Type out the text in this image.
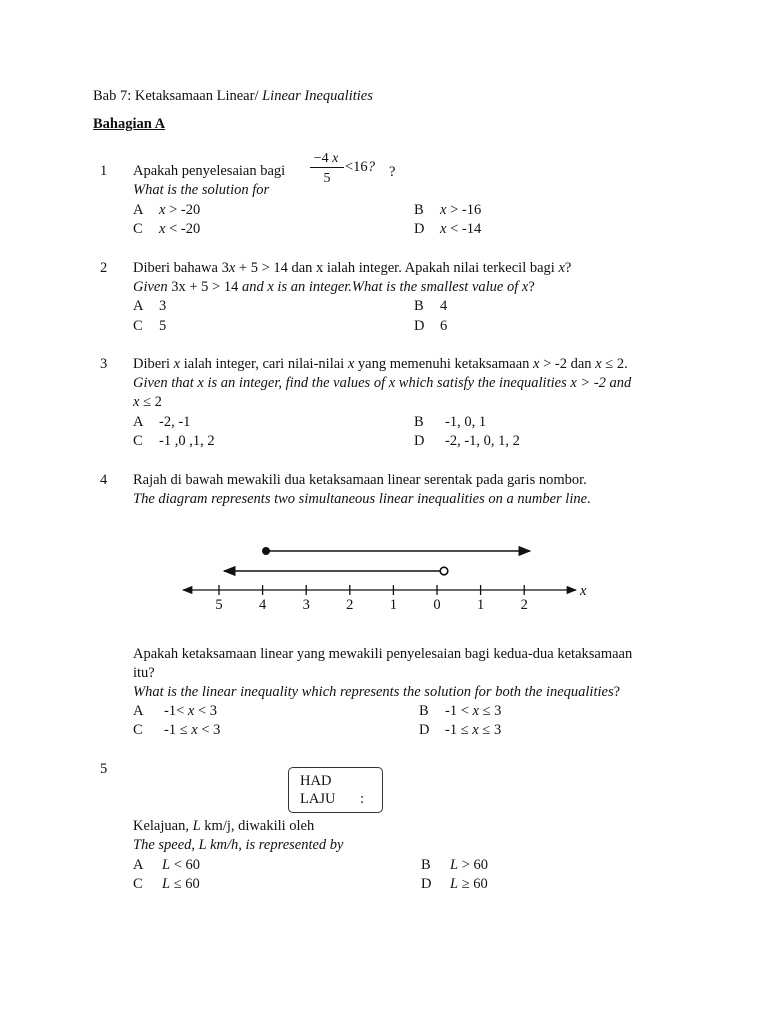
Bab 7: Ketaksamaan Linear/ Linear Inequalities
Bahagian A
1 Apakah penyelesaian bagi
−4 x
5
<16? ?
What is the solution for
A x > -20	B x > -16
C x < -20	D x < -14
2 Diberi bahawa 3x + 5 > 14 dan x ialah integer. Apakah nilai terkecil bagi x?
Given 3x + 5 > 14 and x is an integer.What is the smallest value of x?
A 3	B 4
C 5	D 6
3 Diberi x ialah integer, cari nilai-nilai x yang memenuhi ketaksamaan x > -2 dan x ≤ 2.
Given that x is an integer, find the values of x which satisfy the inequalities x > -2 and
x ≤ 2
A -2, -1	B -1, 0, 1
C -1 ,0 ,1, 2	D -2, -1, 0, 1, 2
4 Rajah di bawah mewakili dua ketaksamaan linear serentak pada garis nombor.
The diagram represents two simultaneous linear inequalities on a number line.
5	4	3	2	1	0	1	2
x
Apakah ketaksamaan linear yang mewakili penyelesaian bagi kedua-dua ketaksamaan
itu?
What is the linear inequality which represents the solution for both the inequalities?
A -1< x < 3	B -1 < x ≤ 3
C -1 ≤ x < 3	D -1 ≤ x ≤ 3
5
HAD
LAJU :
Kelajuan, L km/j, diwakili oleh
The speed, L km/h, is represented by
A L < 60	B L > 60
C L ≤ 60	D L ≥ 60
